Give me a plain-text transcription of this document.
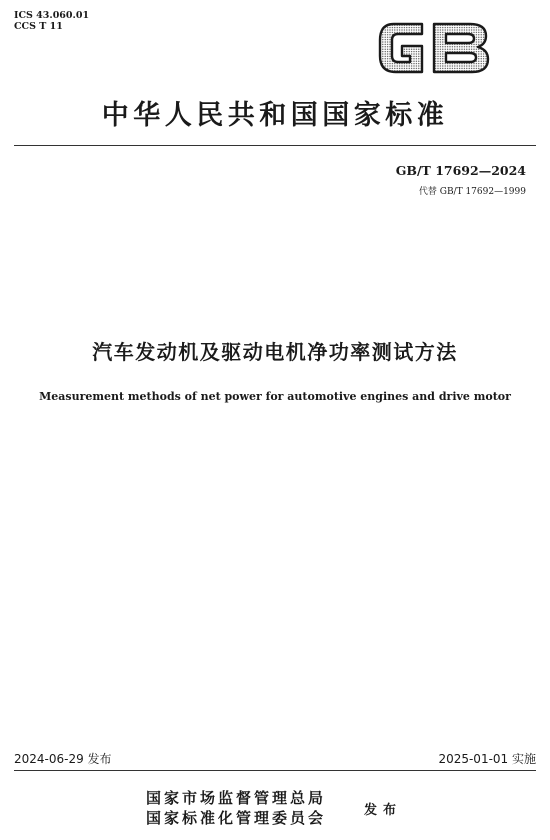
ICS 43.060.01
CCS T 11
中华人民共和国国家标准
GB/T 17692—2024
代替 GB/T 17692—1999
汽车发动机及驱动电机净功率测试方法
Measurement methods of net power for automotive engines and drive motor
2024-06-29 发布	2025-01-01 实施
国家市场监督管理总局
国家标准化管理委员会	发布
